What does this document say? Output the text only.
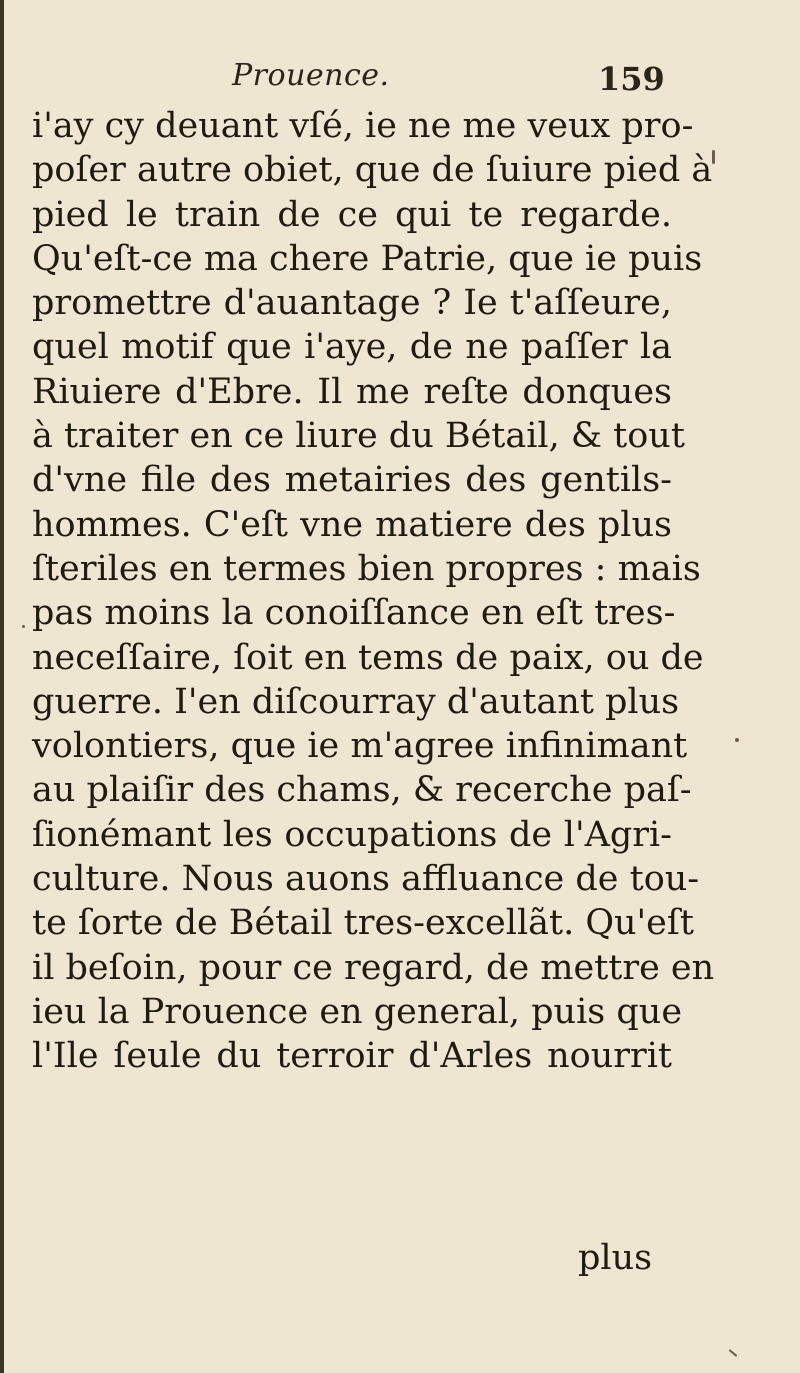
Prouence.	159
i'ay cy deuant vſé, ie ne me veux pro-
poſer autre obiet, que de ſuiure pied à
pied le train de ce qui te regarde.
Qu'eſt-ce ma chere Patrie, que ie puis
promettre d'auantage ? Ie t'aſſeure,
quel motif que i'aye, de ne paſſer la
Riuiere d'Ebre. Il me reſte donques
à traiter en ce liure du Bétail, & tout
d'vne file des metairies des gentils-
hommes. C'eſt vne matiere des plus
ſteriles en termes bien propres : mais
pas moins la conoiſſance en eſt tres-
neceſſaire, ſoit en tems de paix, ou de
guerre. I'en diſcourray d'autant plus
volontiers, que ie m'agree infinimant
au plaiſir des chams, & recerche paſ-
ſionémant les occupations de l'Agri-
culture. Nous auons affluance de tou-
te ſorte de Bétail tres-excellãt. Qu'eſt
il beſoin, pour ce regard, de mettre en
ieu la Prouence en general, puis que
l'Ile ſeule du terroir d'Arles nourrit
plus
